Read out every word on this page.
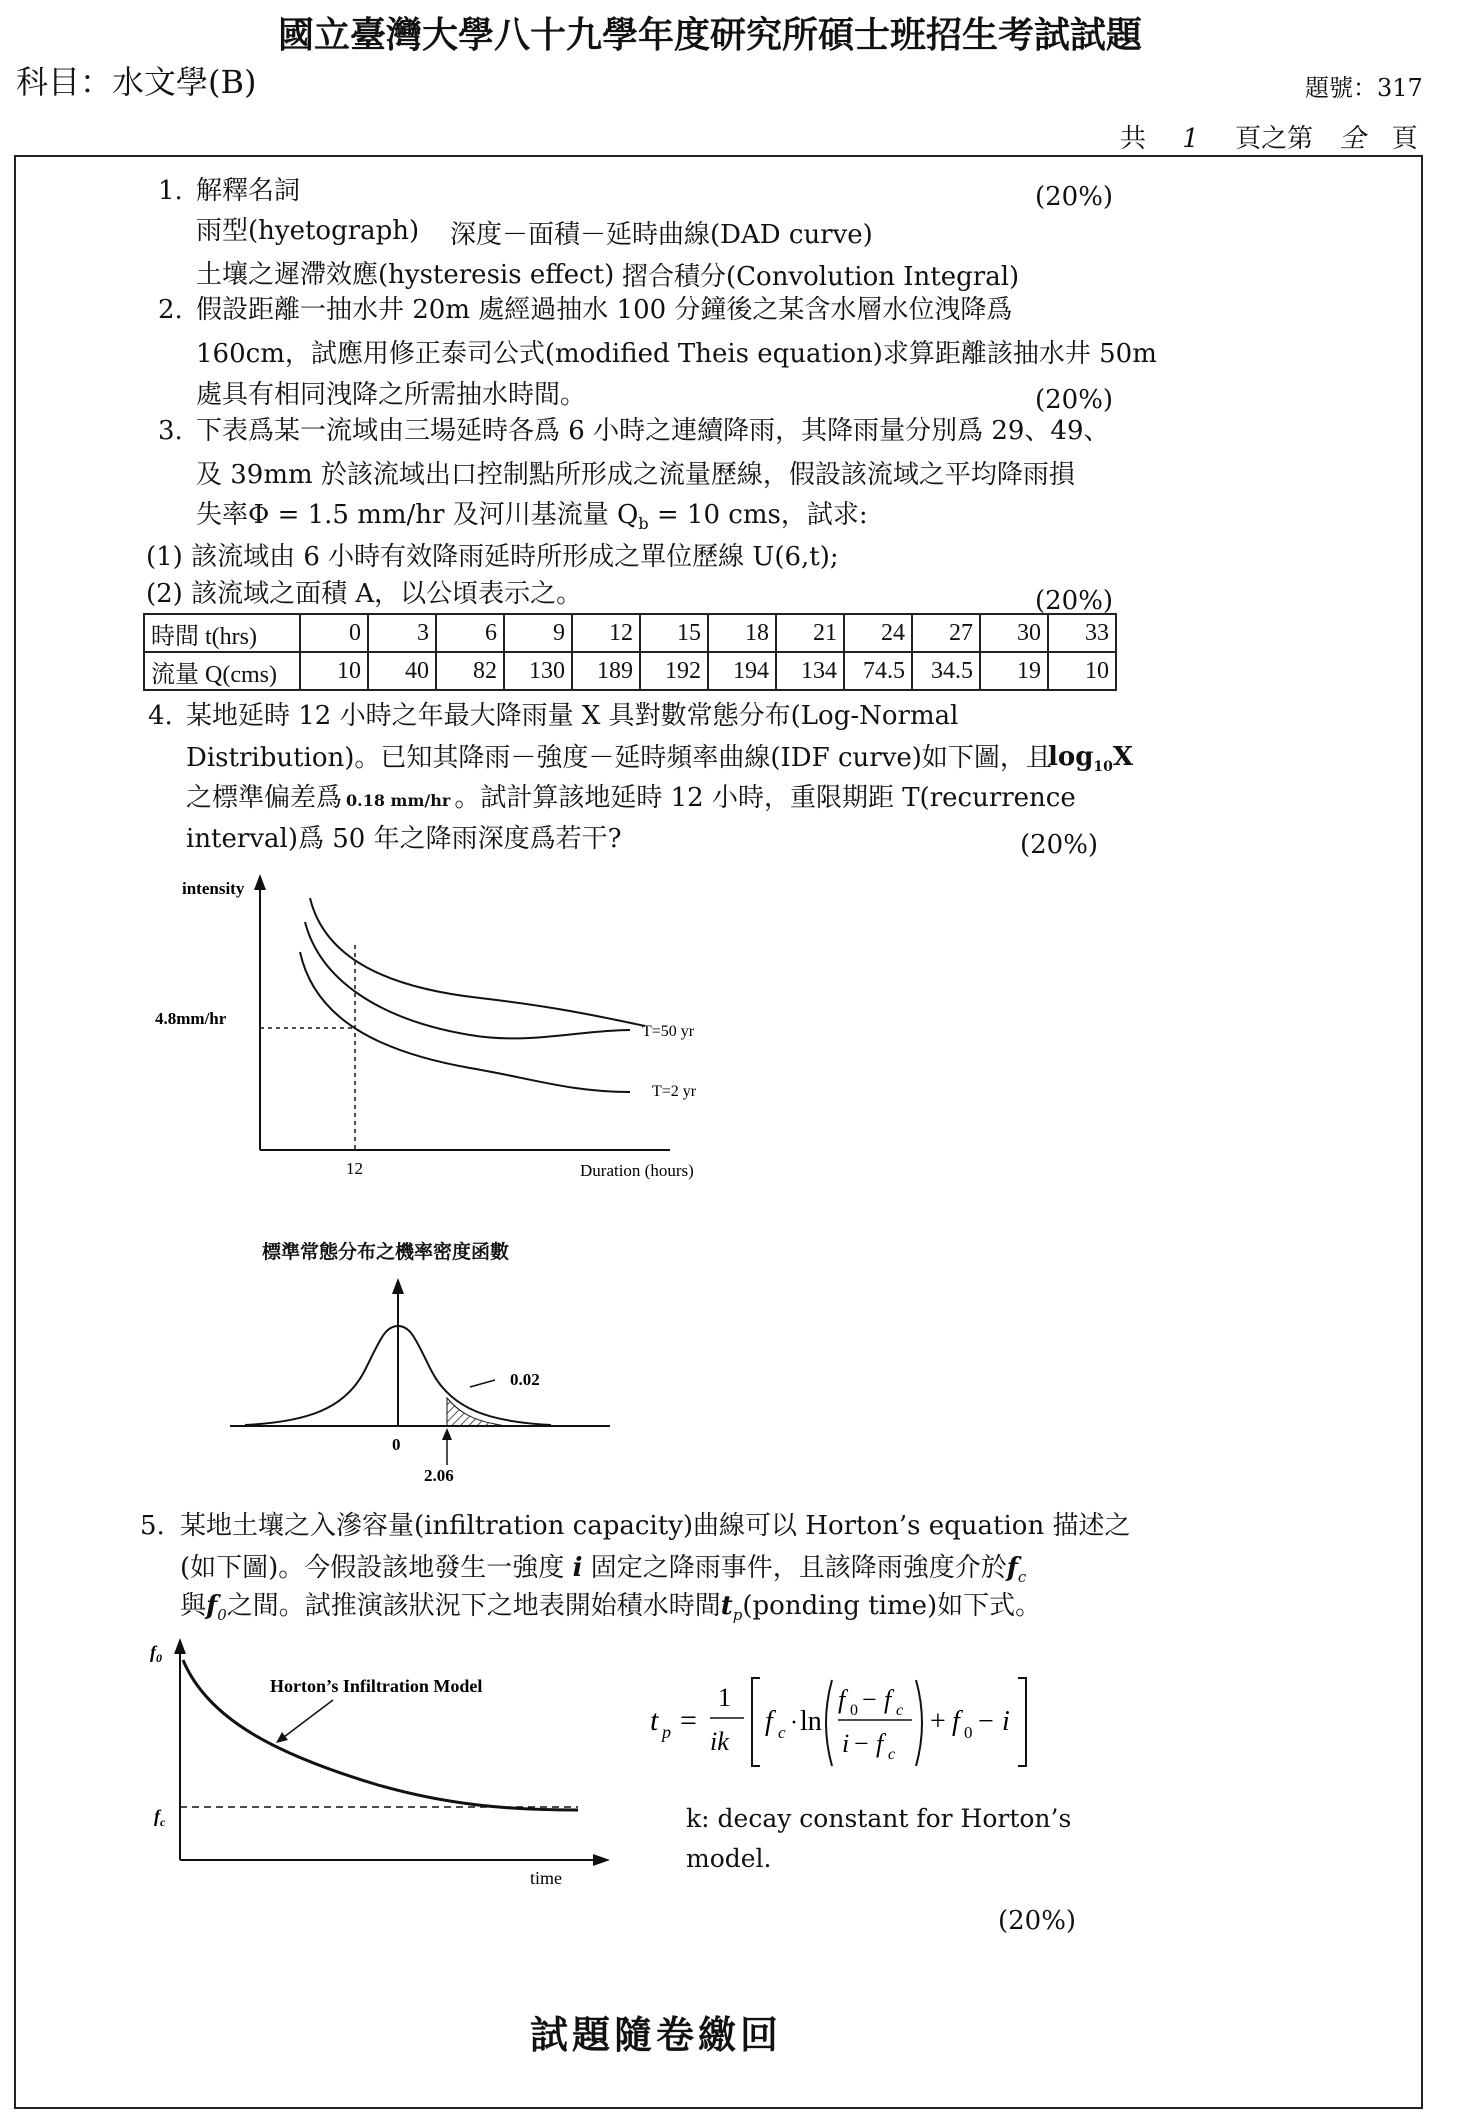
國立臺灣大學八十九學年度研究所碩士班招生考試試題
科目：水文學(B)	題號：317
共 1 頁之第 全 頁
1. 解釋名詞	(20%)
雨型(hyetograph) 深度－面積－延時曲線(DAD curve)
土壤之遲滯效應(hysteresis effect) 摺合積分(Convolution Integral)
2. 假設距離一抽水井 20m 處經過抽水 100 分鐘後之某含水層水位洩降爲
160cm，試應用修正泰司公式(modified Theis equation)求算距離該抽水井 50m
處具有相同洩降之所需抽水時間。	(20%)
3. 下表爲某一流域由三場延時各爲 6 小時之連續降雨，其降雨量分別爲 29、49、
及 39mm 於該流域出口控制點所形成之流量歷線，假設該流域之平均降雨損
失率Φ = 1.5 mm/hr 及河川基流量 $Q_b = 10$ cms，試求:
(1) 該流域由 6 小時有效降雨延時所形成之單位歷線 U(6,t);
(2) 該流域之面積 A，以公頃表示之。	(20%)
時間 t(hrs)	0	3	6	9	12	15	18	21	24	27	30	33
流量 Q(cms)	10	40	82	130	189	192	194	134	74.5	34.5	19	10
4. 某地延時 12 小時之年最大降雨量 X 具對數常態分布(Log-Normal
Distribution)。已知其降雨－強度－延時頻率曲線(IDF curve)如下圖，且
$\log_{10}X$
之標準偏差爲 0.18 mm/hr 。試計算該地延時 12 小時，重限期距 T(recurrence
interval)爲 50 年之降雨深度爲若干?	(20%)
intensity
4.8mm/hr
12	Duration (hours)
T=50 yr
T=2 yr
標準常態分布之機率密度函數
0.02
0
2.06
5. 某地土壤之入滲容量(infiltration capacity)曲線可以 Horton’s equation 描述之
(如下圖)。今假設該地發生一強度 i 固定之降雨事件，且該降雨強度介於$f_c$
與$f_0$之間。試推演該狀況下之地表開始積水時間$t_p(ponding$ time)如下式。
$f_0$
$f_c$
Horton’s Infiltration Model
time
t p =
1
ik
f c · ln
f 0 − f c
i − f c
+ f 0 − i
k: decay constant for Horton’s
model.
(20%)
試題隨卷繳回
